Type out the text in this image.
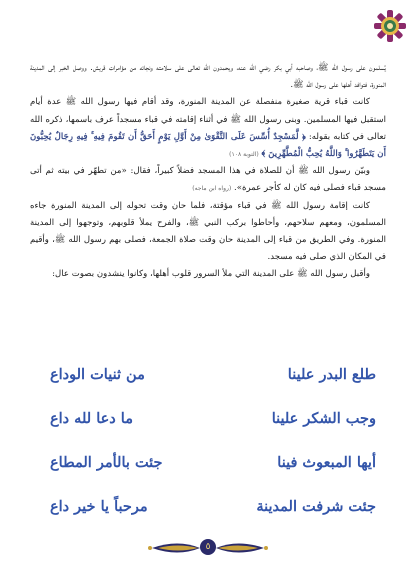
يُسلمون على رسول الله ﷺ، وصاحبه أبي بكر رضي الله عنه، ويحمدون الله تعالى على سلامته ونجاته من مؤامرات قريش. ووصل الخبر إلى المدينة المنورة، فتوافد أهلها على رسول الله ﷺ.

كانت قباء قرية صغيرة منفصلة عن المدينة المنورة، وقد أقام فيها رسول الله ﷺ عدة أيام استقبل فيها المسلمين. وبنى رسول الله ﷺ في أثناء إقامته في قباء مسجداً عرف باسمها، ذكره الله تعالى في كتابه بقوله: ﴿ لَّمَسْجِدٌ أُسِّسَ عَلَى التَّقْوَىٰ مِنْ أَوَّلِ يَوْمٍ أَحَقُّ أَن تَقُومَ فِيهِ ۚ فِيهِ رِجَالٌ يُحِبُّونَ أَن يَتَطَهَّرُوا ۚ وَاللَّهُ يُحِبُّ الْمُطَّهِّرِينَ ﴾ (التوبة ١٠٨)

وبيّن رسول الله ﷺ أن للصلاة في هذا المسجد فضلاً كبيراً، فقال: «من تطهّر في بيته ثم أتى مسجد قباء فصلى فيه كان له كأجر عمرة». (رواه ابن ماجه)

كانت إقامة رسول الله ﷺ في قباء مؤقتة، فلما حان وقت تحوله إلى المدينة المنورة جاءه المسلمون، ومعهم سلاحهم، وأحاطوا بركب النبي ﷺ، والفرح يملأ قلوبهم، وتوجهوا إلى المدينة المنورة. وفي الطريق من قباء إلى المدينة حان وقت صلاة الجمعة، فصلى بهم رسول الله ﷺ، وأقيم في المكان الذي صلى فيه مسجد.

وأقبل رسول الله ﷺ على المدينة التي ملأ السرور قلوب أهلها، وكانوا ينشدون بصوت عال:

طلع البدر علينا
من ثنيات الوداع
وجب الشكر علينا
ما دعا لله داع
أيها المبعوث فينا
جئت بالأمر المطاع
جئت شرفت المدينة
مرحباً يا خير داع
٥
